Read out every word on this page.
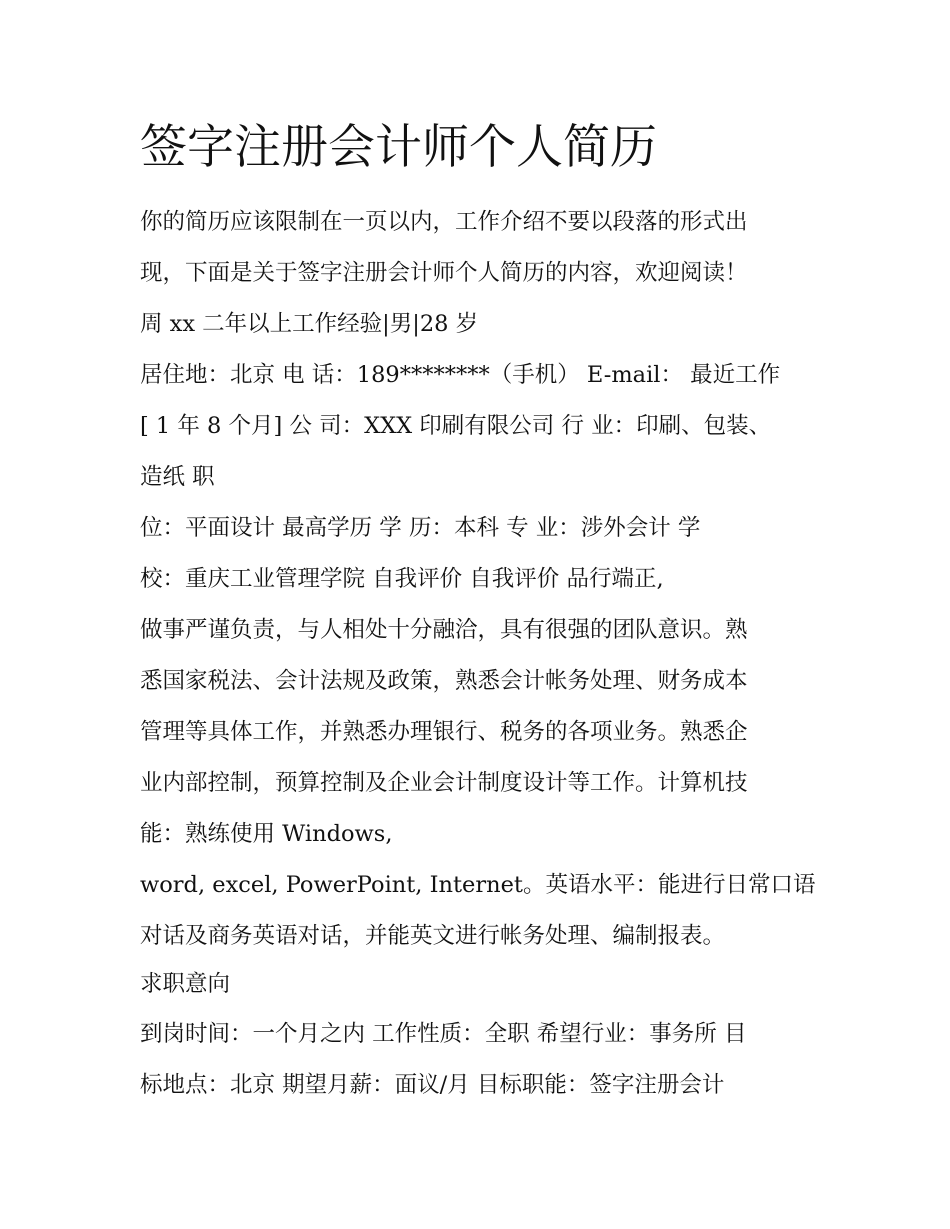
签字注册会计师个人简历

你的简历应该限制在一页以内，工作介绍不要以段落的形式出

现，下面是关于签字注册会计师个人简历的内容，欢迎阅读！

周 xx 二年以上工作经验|男|28 岁

居住地：北京 电 话：189********（手机） E-mail： 最近工作

[ 1 年 8 个月] 公 司：XXX 印刷有限公司 行 业：印刷、包装、

造纸 职

位：平面设计 最高学历 学 历：本科 专 业：涉外会计 学

校：重庆工业管理学院 自我评价 自我评价 品行端正,

做事严谨负责，与人相处十分融洽，具有很强的团队意识。熟

悉国家税法、会计法规及政策，熟悉会计帐务处理、财务成本

管理等具体工作，并熟悉办理银行、税务的各项业务。熟悉企

业内部控制，预算控制及企业会计制度设计等工作。计算机技

能：熟练使用 Windows,

word, excel, PowerPoint, Internet。英语水平：能进行日常口语

对话及商务英语对话，并能英文进行帐务处理、编制报表。

求职意向

到岗时间：一个月之内 工作性质：全职 希望行业：事务所 目

标地点：北京 期望月薪：面议/月 目标职能：签字注册会计
